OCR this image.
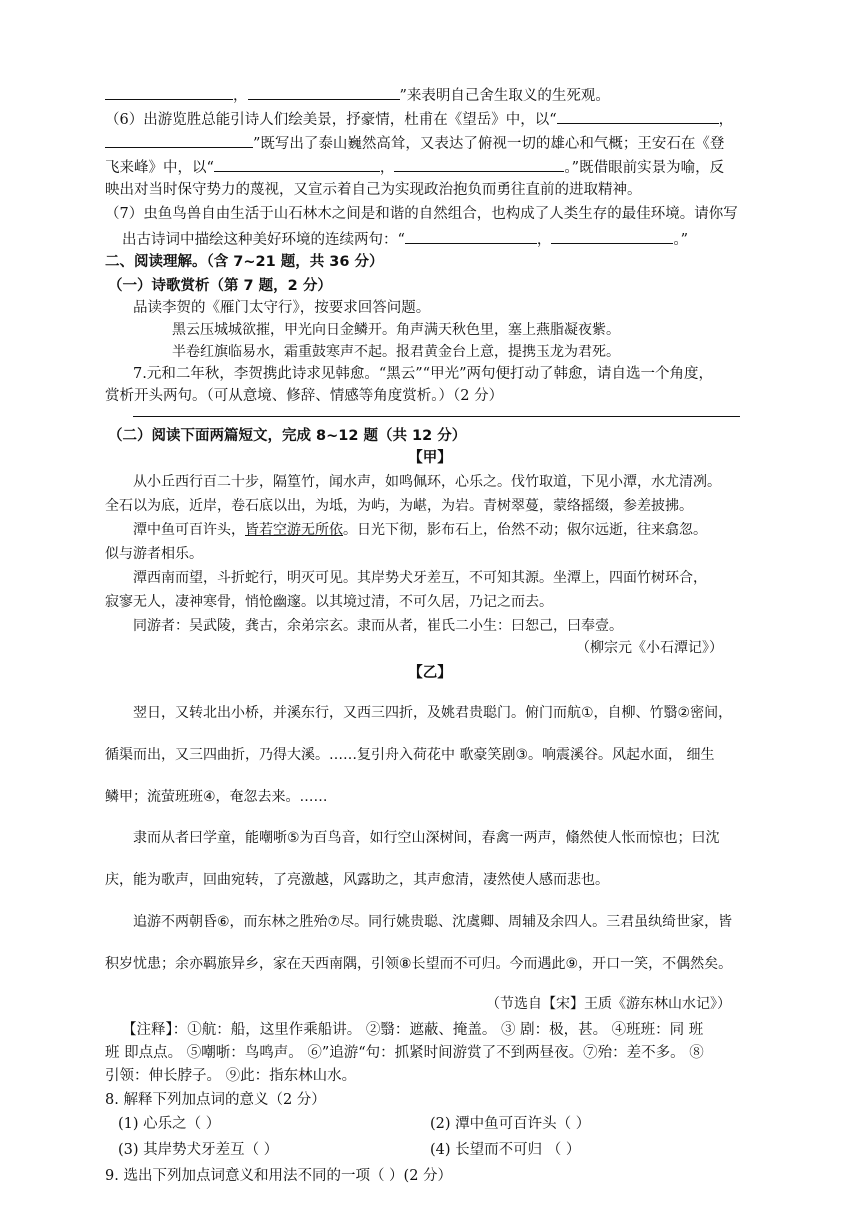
，	”来表明自己舍生取义的生死观。
（6）出游览胜总能引诗人们绘美景，抒豪情，杜甫在《望岳》中，以“	，
”既写出了泰山巍然高耸，又表达了俯视一切的雄心和气概；王安石在《登
飞来峰》中，以“	，	。”既借眼前实景为喻，反
映出对当时保守势力的蔑视，又宣示着自己为实现政治抱负而勇往直前的进取精神。
（7）虫鱼鸟兽自由生活于山石林木之间是和谐的自然组合，也构成了人类生存的最佳环境。请你写
出古诗词中描绘这种美好环境的连续两句：“	，	。”
二、阅读理解。（含 7~21 题，共 36 分）
（一）诗歌赏析（第 7 题，2 分）
品读李贺的《雁门太守行》，按要求回答问题。
黑云压城城欲摧，甲光向日金鳞开。角声满天秋色里，塞上燕脂凝夜紫。
半卷红旗临易水，霜重鼓寒声不起。报君黄金台上意，提携玉龙为君死。
7.元和二年秋，李贺携此诗求见韩愈。“黑云”“甲光”两句便打动了韩愈，请自选一个角度，
赏析开头两句。（可从意境、修辞、情感等角度赏析。）（2 分）
（二）阅读下面两篇短文，完成 8~12 题（共 12 分）
【甲】
从小丘西行百二十步，隔篁竹，闻水声，如鸣佩环，心乐之。伐竹取道，下见小潭，水尤清冽。
全石以为底，近岸，卷石底以出，为坻，为屿，为嵁，为岩。青树翠蔓，蒙络摇缀，参差披拂。
潭中鱼可百许头，皆若空游无所依。日光下彻，影布石上，佁然不动；俶尔远逝，往来翕忽。
似与游者相乐。
潭西南而望，斗折蛇行，明灭可见。其岸势犬牙差互，不可知其源。坐潭上，四面竹树环合，
寂寥无人，凄神寒骨，悄怆幽邃。以其境过清，不可久居，乃记之而去。
同游者：吴武陵，龚古，余弟宗玄。隶而从者，崔氏二小生：曰恕己，曰奉壹。
（柳宗元《小石潭记》）
【乙】
翌日，又转北出小桥，并溪东行，又西三四折，及姚君贵聪门。俯门而航①，自柳、竹翳②密间，
循渠而出，又三四曲折，乃得大溪。……复引舟入荷花中 歌豪笑剧③。响震溪谷。风起水面， 细生
鳞甲；流萤班班④，奄忽去来。……
隶而从者曰学童，能嘲哳⑤为百鸟音，如行空山深树间，春禽一两声，翛然使人怅而惊也；曰沈
庆，能为歌声，回曲宛转，了亮激越，风露助之，其声愈清，凄然使人感而悲也。
追游不两朝昏⑥，而东林之胜殆⑦尽。同行姚贵聪、沈虞卿、周辅及余四人。三君虽纨绮世家，皆
积岁忧患；余亦羁旅异乡，家在天西南隅，引领⑧长望而不可归。今而遇此⑨，开口一笑，不偶然矣。
（节选自【宋】王质《游东林山水记》）
【注释】：①航：船，这里作乘船讲。 ②翳：遮蔽、掩盖。 ③ 剧：极，甚。 ④班班：同 班
班 即点点。 ⑤嘲哳：鸟鸣声。 ⑥”追游“句：抓紧时间游赏了不到两昼夜。⑦殆：差不多。 ⑧
引领：伸长脖子。 ⑨此：指东林山水。
8. 解释下列加点词的意义（2 分）
(1) 心乐之（ ）	(2) 潭中鱼可百许头（ ）
(3) 其岸势犬牙差互（ ）	(4) 长望而不可归 （ ）
9. 选出下列加点词意义和用法不同的一项（ ）(2 分）
